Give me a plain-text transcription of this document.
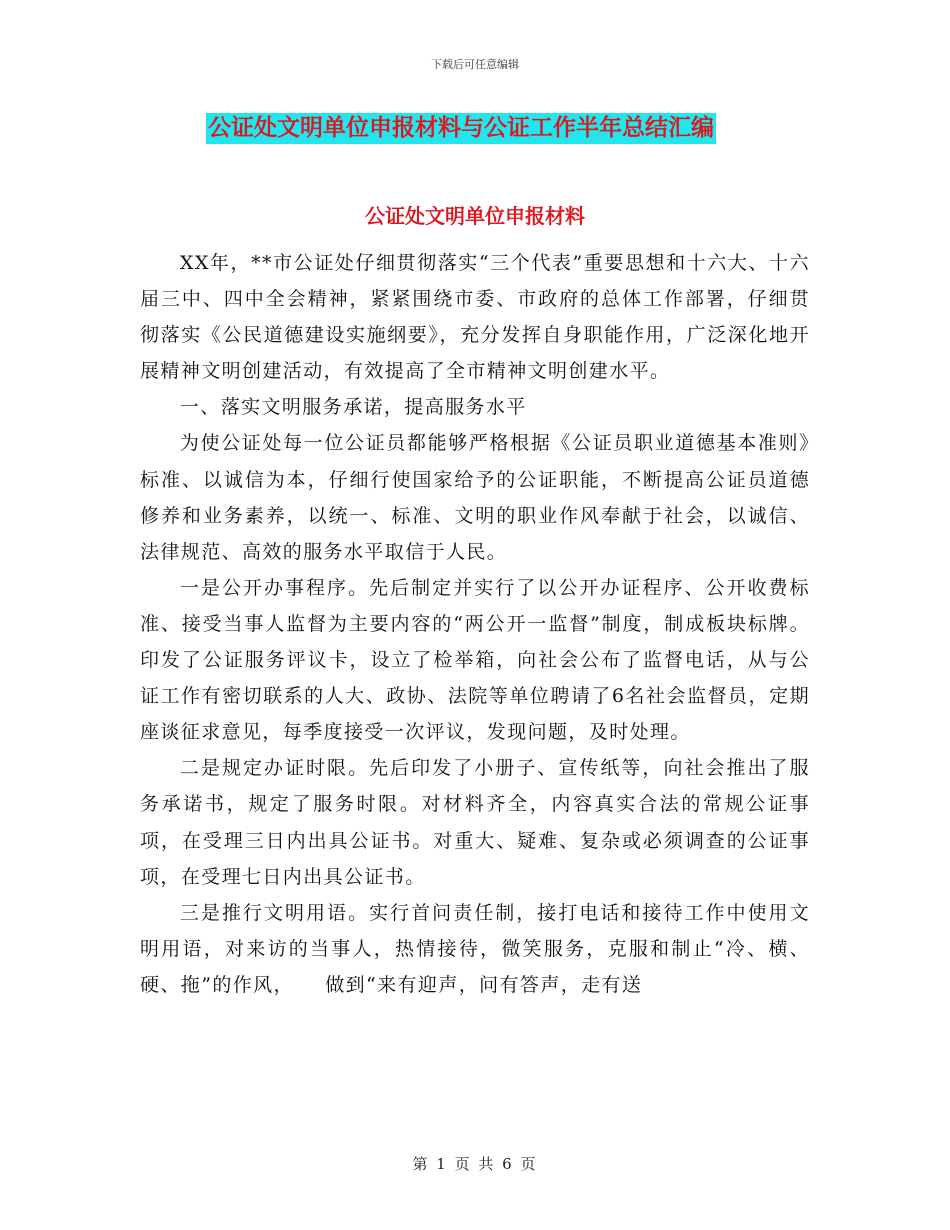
下载后可任意编辑
公证处文明单位申报材料与公证工作半年总结汇编
公证处文明单位申报材料

XX年，**市公证处仔细贯彻落实“三个代表”重要思想和十六大、十六届三中、四中全会精神，紧紧围绕市委、市政府的总体工作部署，仔细贯彻落实《公民道德建设实施纲要》，充分发挥自身职能作用，广泛深化地开展精神文明创建活动，有效提高了全市精神文明创建水平。

一、落实文明服务承诺，提高服务水平

为使公证处每一位公证员都能够严格根据《公证员职业道德基本准则》标准、以诚信为本，仔细行使国家给予的公证职能，不断提高公证员道德修养和业务素养，以统一、标准、文明的职业作风奉献于社会，以诚信、法律规范、高效的服务水平取信于人民。

一是公开办事程序。先后制定并实行了以公开办证程序、公开收费标准、接受当事人监督为主要内容的“两公开一监督”制度，制成板块标牌。印发了公证服务评议卡，设立了检举箱，向社会公布了监督电话，从与公证工作有密切联系的人大、政协、法院等单位聘请了6名社会监督员，定期座谈征求意见，每季度接受一次评议，发现问题，及时处理。

二是规定办证时限。先后印发了小册子、宣传纸等，向社会推出了服务承诺书，规定了服务时限。对材料齐全，内容真实合法的常规公证事项，在受理三日内出具公证书。对重大、疑难、复杂或必须调查的公证事项，在受理七日内出具公证书。

三是推行文明用语。实行首问责任制，接打电话和接待工作中使用文明用语，对来访的当事人，热情接待，微笑服务，克服和制止“冷、横、硬、拖”的作风，　　做到“来有迎声，问有答声，走有送

第 1 页 共 6 页
